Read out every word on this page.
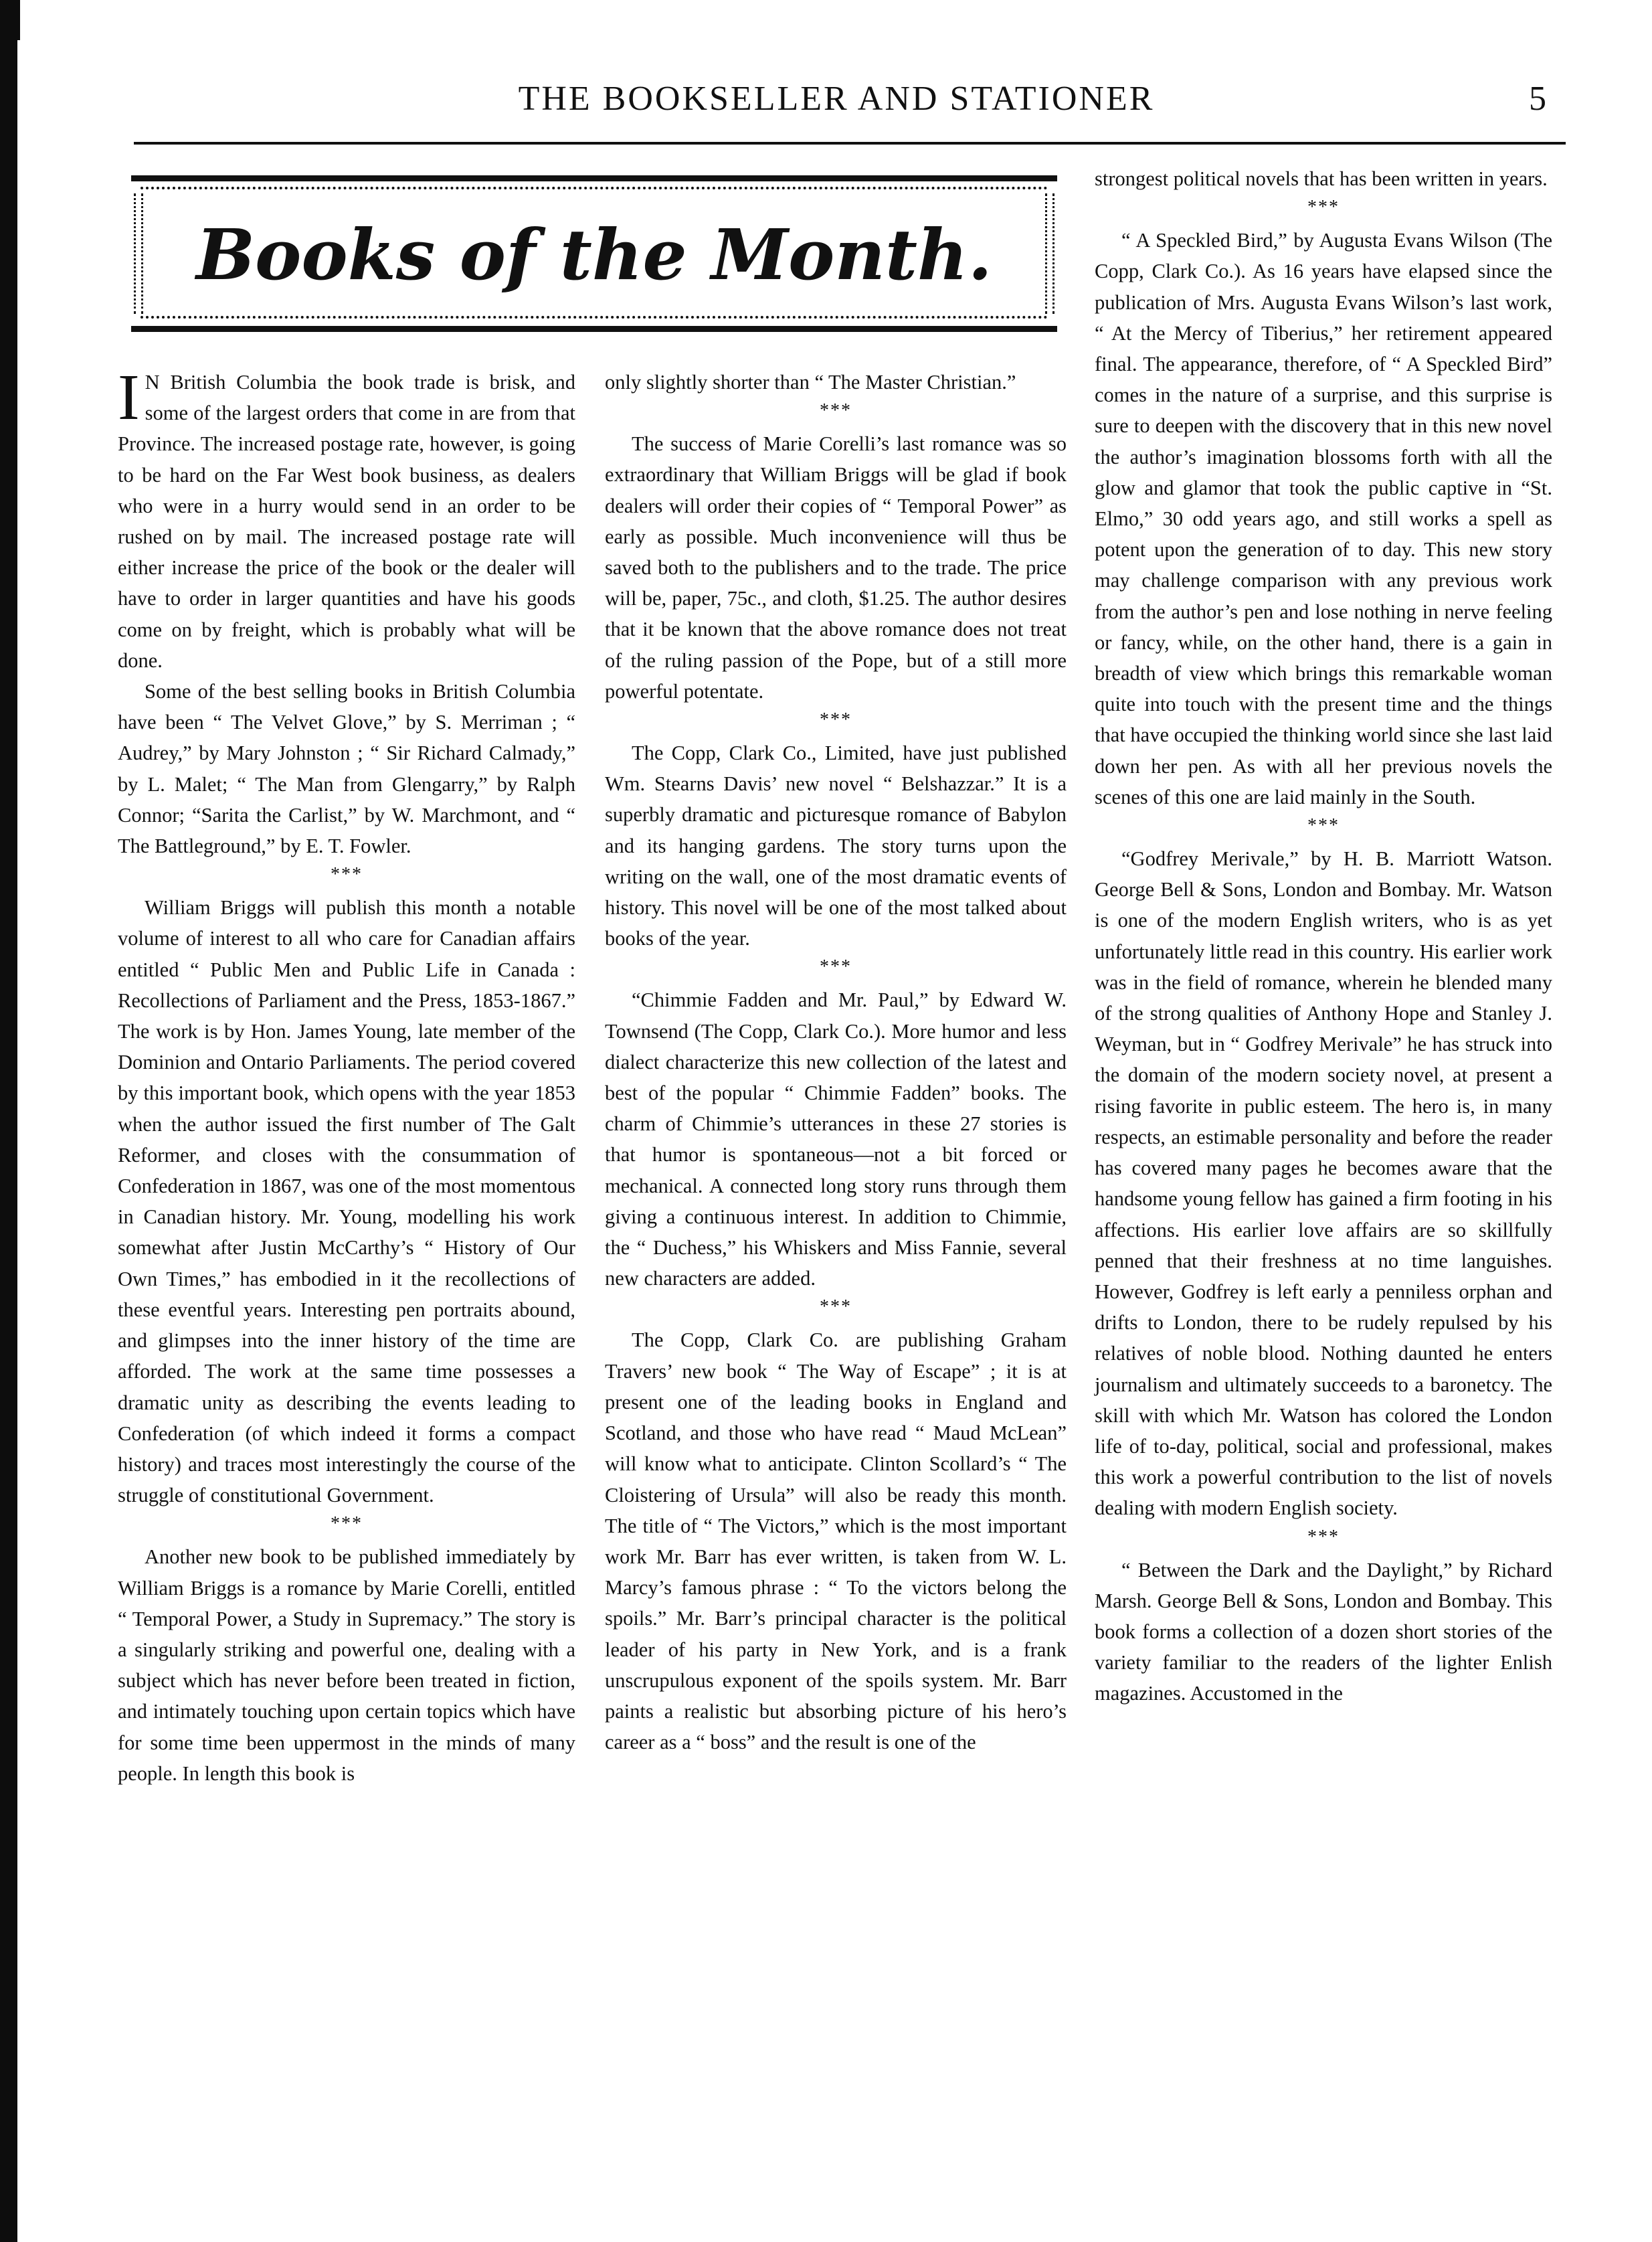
THE BOOKSELLER AND STATIONER	5
Books of the Month.

I N British Columbia the book trade is brisk, and some of the largest orders that come in are from that Province. The increased postage rate, however, is going to be hard on the Far West book business, as dealers who were in a hurry would send in an order to be rushed on by mail. The increased postage rate will either increase the price of the book or the dealer will have to order in larger quantities and have his goods come on by freight, which is probably what will be done.

Some of the best selling books in British Columbia have been “ The Velvet Glove,” by S. Merriman ; “ Audrey,” by Mary Johnston ; “ Sir Richard Calmady,” by L. Malet; “ The Man from Glengarry,” by Ralph Connor; “Sarita the Carlist,” by W. Marchmont, and “ The Battleground,” by E. T. Fowler.

***

William Briggs will publish this month a notable volume of interest to all who care for Canadian affairs entitled “ Public Men and Public Life in Canada : Recollections of Parliament and the Press, 1853-1867.” The work is by Hon. James Young, late member of the Dominion and Ontario Parliaments. The period covered by this important book, which opens with the year 1853 when the author issued the first number of The Galt Reformer, and closes with the consummation of Confederation in 1867, was one of the most momentous in Canadian history. Mr. Young, modelling his work somewhat after Justin McCarthy’s “ History of Our Own Times,” has embodied in it the recollections of these eventful years. Interesting pen portraits abound, and glimpses into the inner history of the time are afforded. The work at the same time possesses a dramatic unity as describing the events leading to Confederation (of which indeed it forms a compact history) and traces most interestingly the course of the struggle of constitutional Government.

***

Another new book to be published immediately by William Briggs is a romance by Marie Corelli, entitled “ Temporal Power, a Study in Supremacy.” The story is a singularly striking and powerful one, dealing with a subject which has never before been treated in fiction, and intimately touching upon certain topics which have for some time been uppermost in the minds of many people. In length this book is

only slightly shorter than “ The Master Christian.”

***

The success of Marie Corelli’s last romance was so extraordinary that William Briggs will be glad if book dealers will order their copies of “ Temporal Power” as early as possible. Much inconvenience will thus be saved both to the publishers and to the trade. The price will be, paper, 75c., and cloth, $1.25. The author desires that it be known that the above romance does not treat of the ruling passion of the Pope, but of a still more powerful potentate.

***

The Copp, Clark Co., Limited, have just published Wm. Stearns Davis’ new novel “ Belshazzar.” It is a superbly dramatic and picturesque romance of Babylon and its hanging gardens. The story turns upon the writing on the wall, one of the most dramatic events of history. This novel will be one of the most talked about books of the year.

***

“Chimmie Fadden and Mr. Paul,” by Edward W. Townsend (The Copp, Clark Co.). More humor and less dialect characterize this new collection of the latest and best of the popular “ Chimmie Fadden” books. The charm of Chimmie’s utterances in these 27 stories is that humor is spontaneous—not a bit forced or mechanical. A connected long story runs through them giving a continuous interest. In addition to Chimmie, the “ Duchess,” his Whiskers and Miss Fannie, several new characters are added.

***

The Copp, Clark Co. are publishing Graham Travers’ new book “ The Way of Escape” ; it is at present one of the leading books in England and Scotland, and those who have read “ Maud McLean” will know what to anticipate. Clinton Scollard’s “ The Cloistering of Ursula” will also be ready this month. The title of “ The Victors,” which is the most important work Mr. Barr has ever written, is taken from W. L. Marcy’s famous phrase : “ To the victors belong the spoils.” Mr. Barr’s principal character is the political leader of his party in New York, and is a frank unscrupulous exponent of the spoils system. Mr. Barr paints a realistic but absorbing picture of his hero’s career as a “ boss” and the result is one of the

strongest political novels that has been written in years.

***

“ A Speckled Bird,” by Augusta Evans Wilson (The Copp, Clark Co.). As 16 years have elapsed since the publication of Mrs. Augusta Evans Wilson’s last work, “ At the Mercy of Tiberius,” her retirement appeared final. The appearance, therefore, of “ A Speckled Bird” comes in the nature of a surprise, and this surprise is sure to deepen with the discovery that in this new novel the author’s imagination blossoms forth with all the glow and glamor that took the public captive in “St. Elmo,” 30 odd years ago, and still works a spell as potent upon the generation of to day. This new story may challenge comparison with any previous work from the author’s pen and lose nothing in nerve feeling or fancy, while, on the other hand, there is a gain in breadth of view which brings this remarkable woman quite into touch with the present time and the things that have occupied the thinking world since she last laid down her pen. As with all her previous novels the scenes of this one are laid mainly in the South.

***

“Godfrey Merivale,” by H. B. Marriott Watson. George Bell & Sons, London and Bombay. Mr. Watson is one of the modern English writers, who is as yet unfortunately little read in this country. His earlier work was in the field of romance, wherein he blended many of the strong qualities of Anthony Hope and Stanley J. Weyman, but in “ Godfrey Merivale” he has struck into the domain of the modern society novel, at present a rising favorite in public esteem. The hero is, in many respects, an estimable personality and before the reader has covered many pages he becomes aware that the handsome young fellow has gained a firm footing in his affections. His earlier love affairs are so skillfully penned that their freshness at no time languishes. However, Godfrey is left early a penniless orphan and drifts to London, there to be rudely repulsed by his relatives of noble blood. Nothing daunted he enters journalism and ultimately succeeds to a baronetcy. The skill with which Mr. Watson has colored the London life of to-day, political, social and professional, makes this work a powerful contribution to the list of novels dealing with modern English society.

***

“ Between the Dark and the Daylight,” by Richard Marsh. George Bell & Sons, London and Bombay. This book forms a collection of a dozen short stories of the variety familiar to the readers of the lighter Enlish magazines. Accustomed in the
